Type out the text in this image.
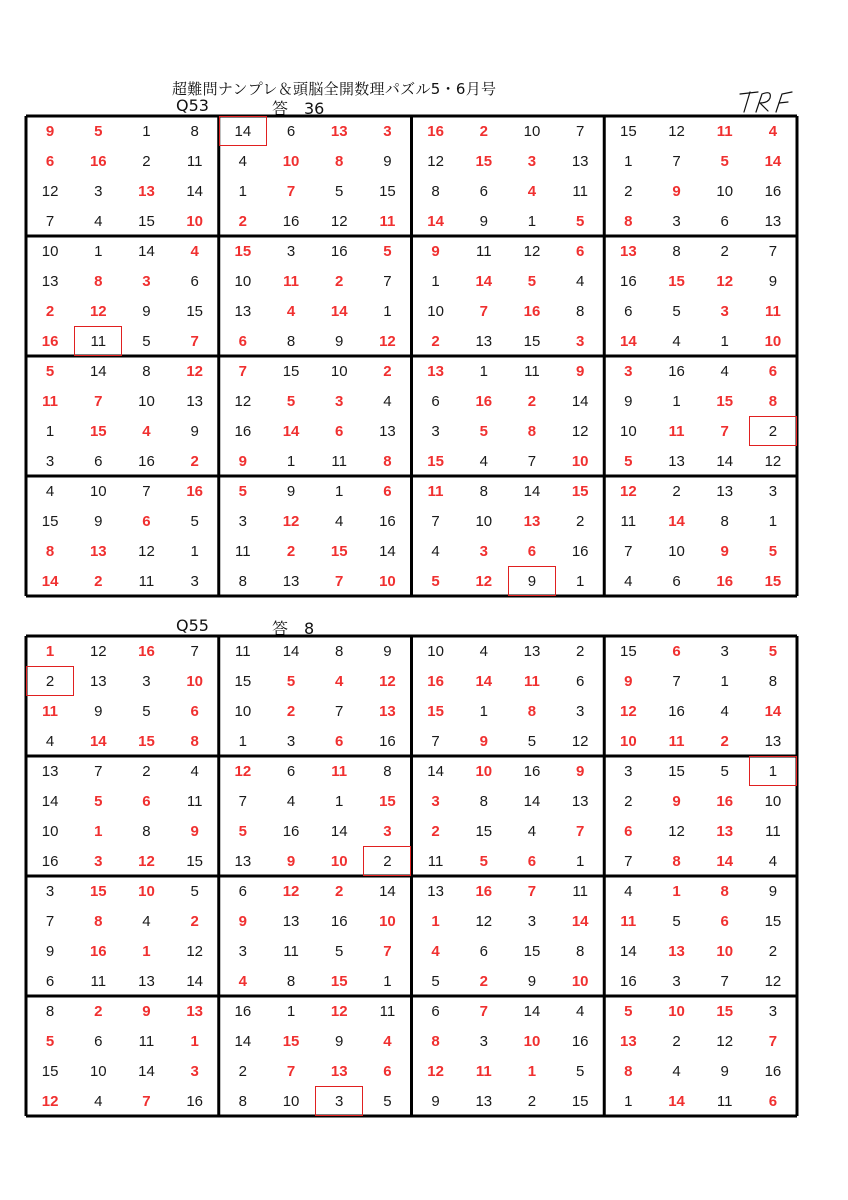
超難問ナンプレ＆頭脳全開数理パズル5・6月号
Q53	答　36
9	5	1	8	14	6	13	3	16	2	10	7	15	12	11	4
6	16	2	11	4	10	8	9	12	15	3	13	1	7	5	14
12	3	13	14	1	7	5	15	8	6	4	11	2	9	10	16
7	4	15	10	2	16	12	11	14	9	1	5	8	3	6	13
10	1	14	4	15	3	16	5	9	11	12	6	13	8	2	7
13	8	3	6	10	11	2	7	1	14	5	4	16	15	12	9
2	12	9	15	13	4	14	1	10	7	16	8	6	5	3	11
16	11	5	7	6	8	9	12	2	13	15	3	14	4	1	10
5	14	8	12	7	15	10	2	13	1	11	9	3	16	4	6
11	7	10	13	12	5	3	4	6	16	2	14	9	1	15	8
1	15	4	9	16	14	6	13	3	5	8	12	10	11	7	2
3	6	16	2	9	1	11	8	15	4	7	10	5	13	14	12
4	10	7	16	5	9	1	6	11	8	14	15	12	2	13	3
15	9	6	5	3	12	4	16	7	10	13	2	11	14	8	1
8	13	12	1	11	2	15	14	4	3	6	16	7	10	9	5
14	2	11	3	8	13	7	10	5	12	9	1	4	6	16	15
Q55	答　8
1	12	16	7	11	14	8	9	10	4	13	2	15	6	3	5
2	13	3	10	15	5	4	12	16	14	11	6	9	7	1	8
11	9	5	6	10	2	7	13	15	1	8	3	12	16	4	14
4	14	15	8	1	3	6	16	7	9	5	12	10	11	2	13
13	7	2	4	12	6	11	8	14	10	16	9	3	15	5	1
14	5	6	11	7	4	1	15	3	8	14	13	2	9	16	10
10	1	8	9	5	16	14	3	2	15	4	7	6	12	13	11
16	3	12	15	13	9	10	2	11	5	6	1	7	8	14	4
3	15	10	5	6	12	2	14	13	16	7	11	4	1	8	9
7	8	4	2	9	13	16	10	1	12	3	14	11	5	6	15
9	16	1	12	3	11	5	7	4	6	15	8	14	13	10	2
6	11	13	14	4	8	15	1	5	2	9	10	16	3	7	12
8	2	9	13	16	1	12	11	6	7	14	4	5	10	15	3
5	6	11	1	14	15	9	4	8	3	10	16	13	2	12	7
15	10	14	3	2	7	13	6	12	11	1	5	8	4	9	16
12	4	7	16	8	10	3	5	9	13	2	15	1	14	11	6
